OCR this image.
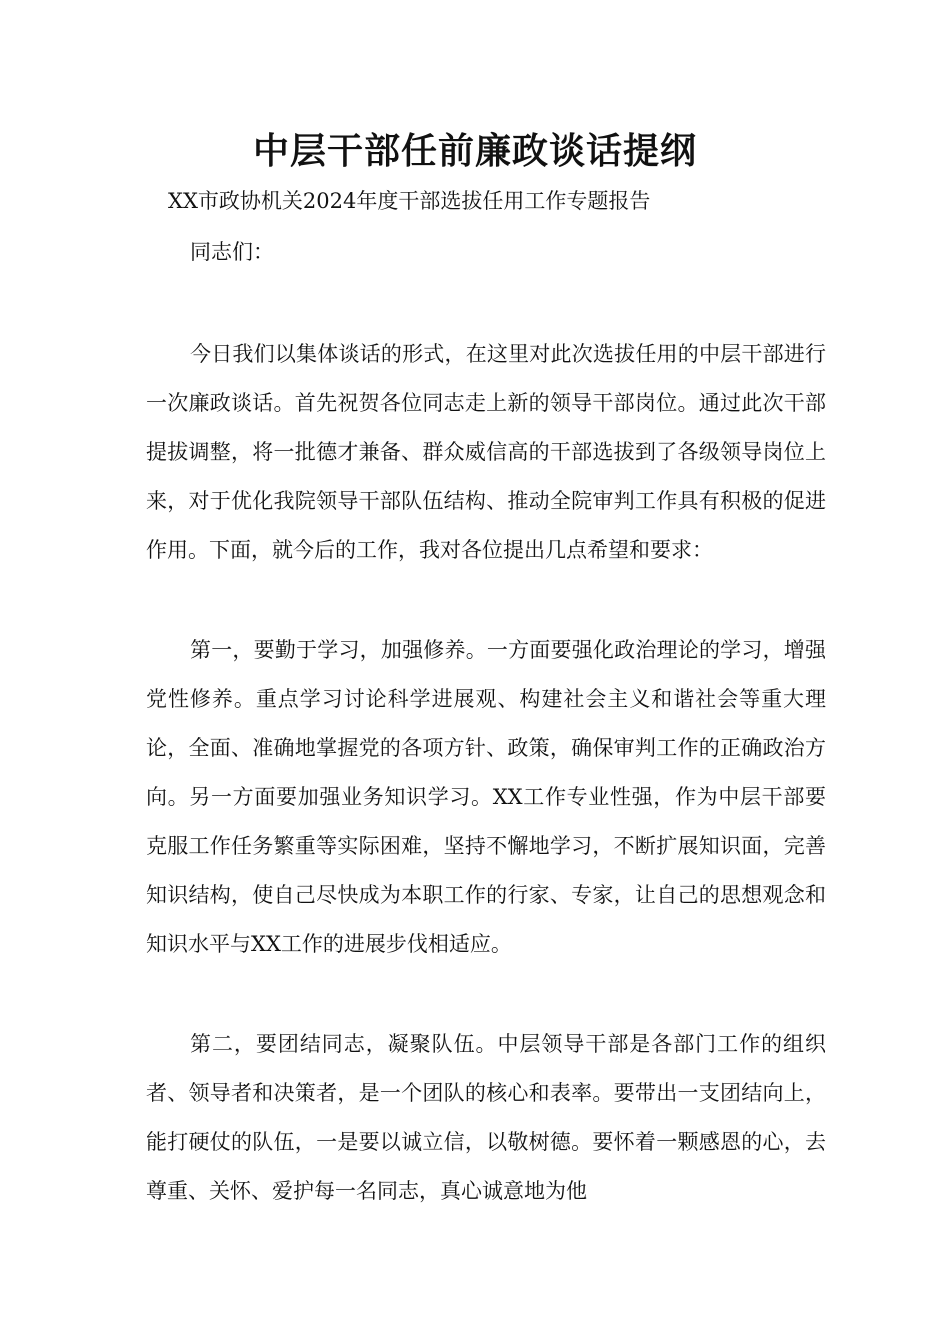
中层干部任前廉政谈话提纲

XX市政协机关2024年度干部选拔任用工作专题报告

同志们：

今日我们以集体谈话的形式，在这里对此次选拔任用的中层干部进行一次廉政谈话。首先祝贺各位同志走上新的领导干部岗位。通过此次干部提拔调整，将一批德才兼备、群众威信高的干部选拔到了各级领导岗位上来，对于优化我院领导干部队伍结构、推动全院审判工作具有积极的促进作用。下面，就今后的工作，我对各位提出几点希望和要求：

第一，要勤于学习，加强修养。一方面要强化政治理论的学习，增强党性修养。重点学习讨论科学进展观、构建社会主义和谐社会等重大理论，全面、准确地掌握党的各项方针、政策，确保审判工作的正确政治方向。另一方面要加强业务知识学习。XX工作专业性强，作为中层干部要克服工作任务繁重等实际困难，坚持不懈地学习，不断扩展知识面，完善知识结构，使自己尽快成为本职工作的行家、专家，让自己的思想观念和知识水平与XX工作的进展步伐相适应。

第二，要团结同志，凝聚队伍。中层领导干部是各部门工作的组织者、领导者和决策者，是一个团队的核心和表率。要带出一支团结向上，能打硬仗的队伍，一是要以诚立信，以敬树德。要怀着一颗感恩的心，去尊重、关怀、爱护每一名同志，真心诚意地为他
